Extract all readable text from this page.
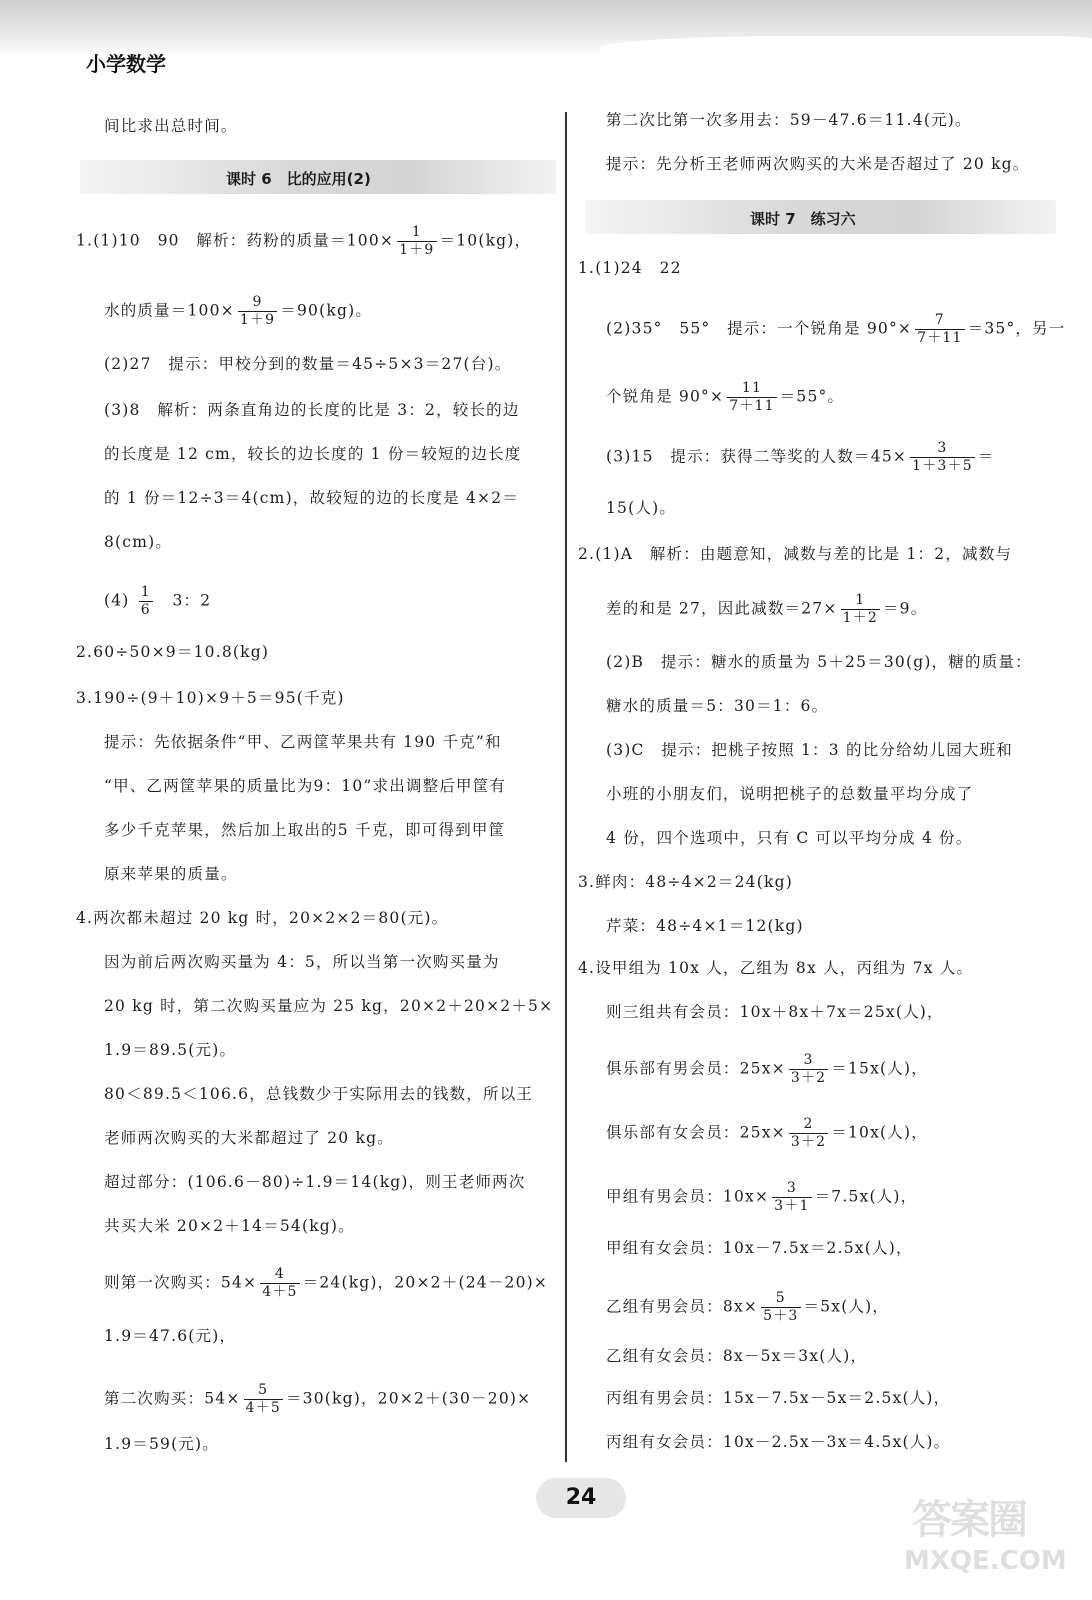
小学数学
间比求出总时间。
课时 6　比的应用(2)
1.(1)10　90　解析：药粉的质量$=100\times \frac{1}{1+9} =10(kg)$，
水的质量$=100\times \frac{9}{1+9} =90(kg)$。
(2)27　提示：甲校分到的数量＝45÷5×3＝27(台)。
(3)8　解析：两条直角边的长度的比是 3：2，较长的边
的长度是 12 cm，较长的边长度的 1 份＝较短的边长度
的 1 份＝12÷3＝4(cm)，故较短的边的长度是 4×2＝
8(cm)。
$(4) \frac{1}{6}$ 　3：2
2.60÷50×9＝10.8(kg)
3.190÷(9＋10)×9＋5＝95(千克)
提示：先依据条件“甲、乙两筐苹果共有 190 千克”和
“甲、乙两筐苹果的质量比为9：10”求出调整后甲筐有
多少千克苹果，然后加上取出的5 千克，即可得到甲筐
原来苹果的质量。
4.两次都未超过 20 kg 时，20×2×2＝80(元)。
因为前后两次购买量为 4：5，所以当第一次购买量为
20 kg 时，第二次购买量应为 25 kg，20×2＋20×2＋5×
1.9＝89.5(元)。
80＜89.5＜106.6，总钱数少于实际用去的钱数，所以王
老师两次购买的大米都超过了 20 kg。
超过部分：(106.6－80)÷1.9＝14(kg)，则王老师两次
共买大米 20×2＋14＝54(kg)。
则第一次购买：$54\times \frac{4}{4+5} =24(kg)$，20×2＋(24－20)×
1.9＝47.6(元)，
第二次购买：$54\times \frac{5}{4+5} =30(kg)$，20×2＋(30－20)×
1.9＝59(元)。
第二次比第一次多用去：59－47.6＝11.4(元)。
提示：先分析王老师两次购买的大米是否超过了 20 kg。
课时 7　练习六
1.(1)24　22
(2)35°　55°　提示：一个锐角是 $90^\circ\times \frac{7}{7+11} =35^\circ$，另一
个锐角是 $90^\circ\times \frac{11}{7+11} =55^\circ$。
(3)15　提示：获得二等奖的人数$=45\times \frac{3}{1+3+5}$ ＝
15(人)。
2.(1)A　解析：由题意知，减数与差的比是 1：2，减数与
差的和是 27，因此减数$=27\times \frac{1}{1+2} =9$。
(2)B　提示：糖水的质量为 5＋25＝30(g)，糖的质量：
糖水的质量＝5：30＝1：6。
(3)C　提示：把桃子按照 1：3 的比分给幼儿园大班和
小班的小朋友们，说明把桃子的总数量平均分成了
4 份，四个选项中，只有 C 可以平均分成 4 份。
3.鲜肉：48÷4×2＝24(kg)
芹菜：48÷4×1＝12(kg)
4.设甲组为 10x 人，乙组为 8x 人，丙组为 7x 人。
则三组共有会员：10x＋8x＋7x＝25x(人)，
俱乐部有男会员：$25x\times \frac{3}{3+2} =15x$(人)，
俱乐部有女会员：$25x\times \frac{2}{3+2} =10x$(人)，
甲组有男会员：$10x\times \frac{3}{3+1} =7.5x$(人)，
甲组有女会员：10x－7.5x＝2.5x(人)，
乙组有男会员：$8x\times \frac{5}{5+3} =5x$(人)，
乙组有女会员：8x－5x＝3x(人)，
丙组有男会员：15x－7.5x－5x＝2.5x(人)，
丙组有女会员：10x－2.5x－3x＝4.5x(人)。
24	答案圈
MXQE.COM
